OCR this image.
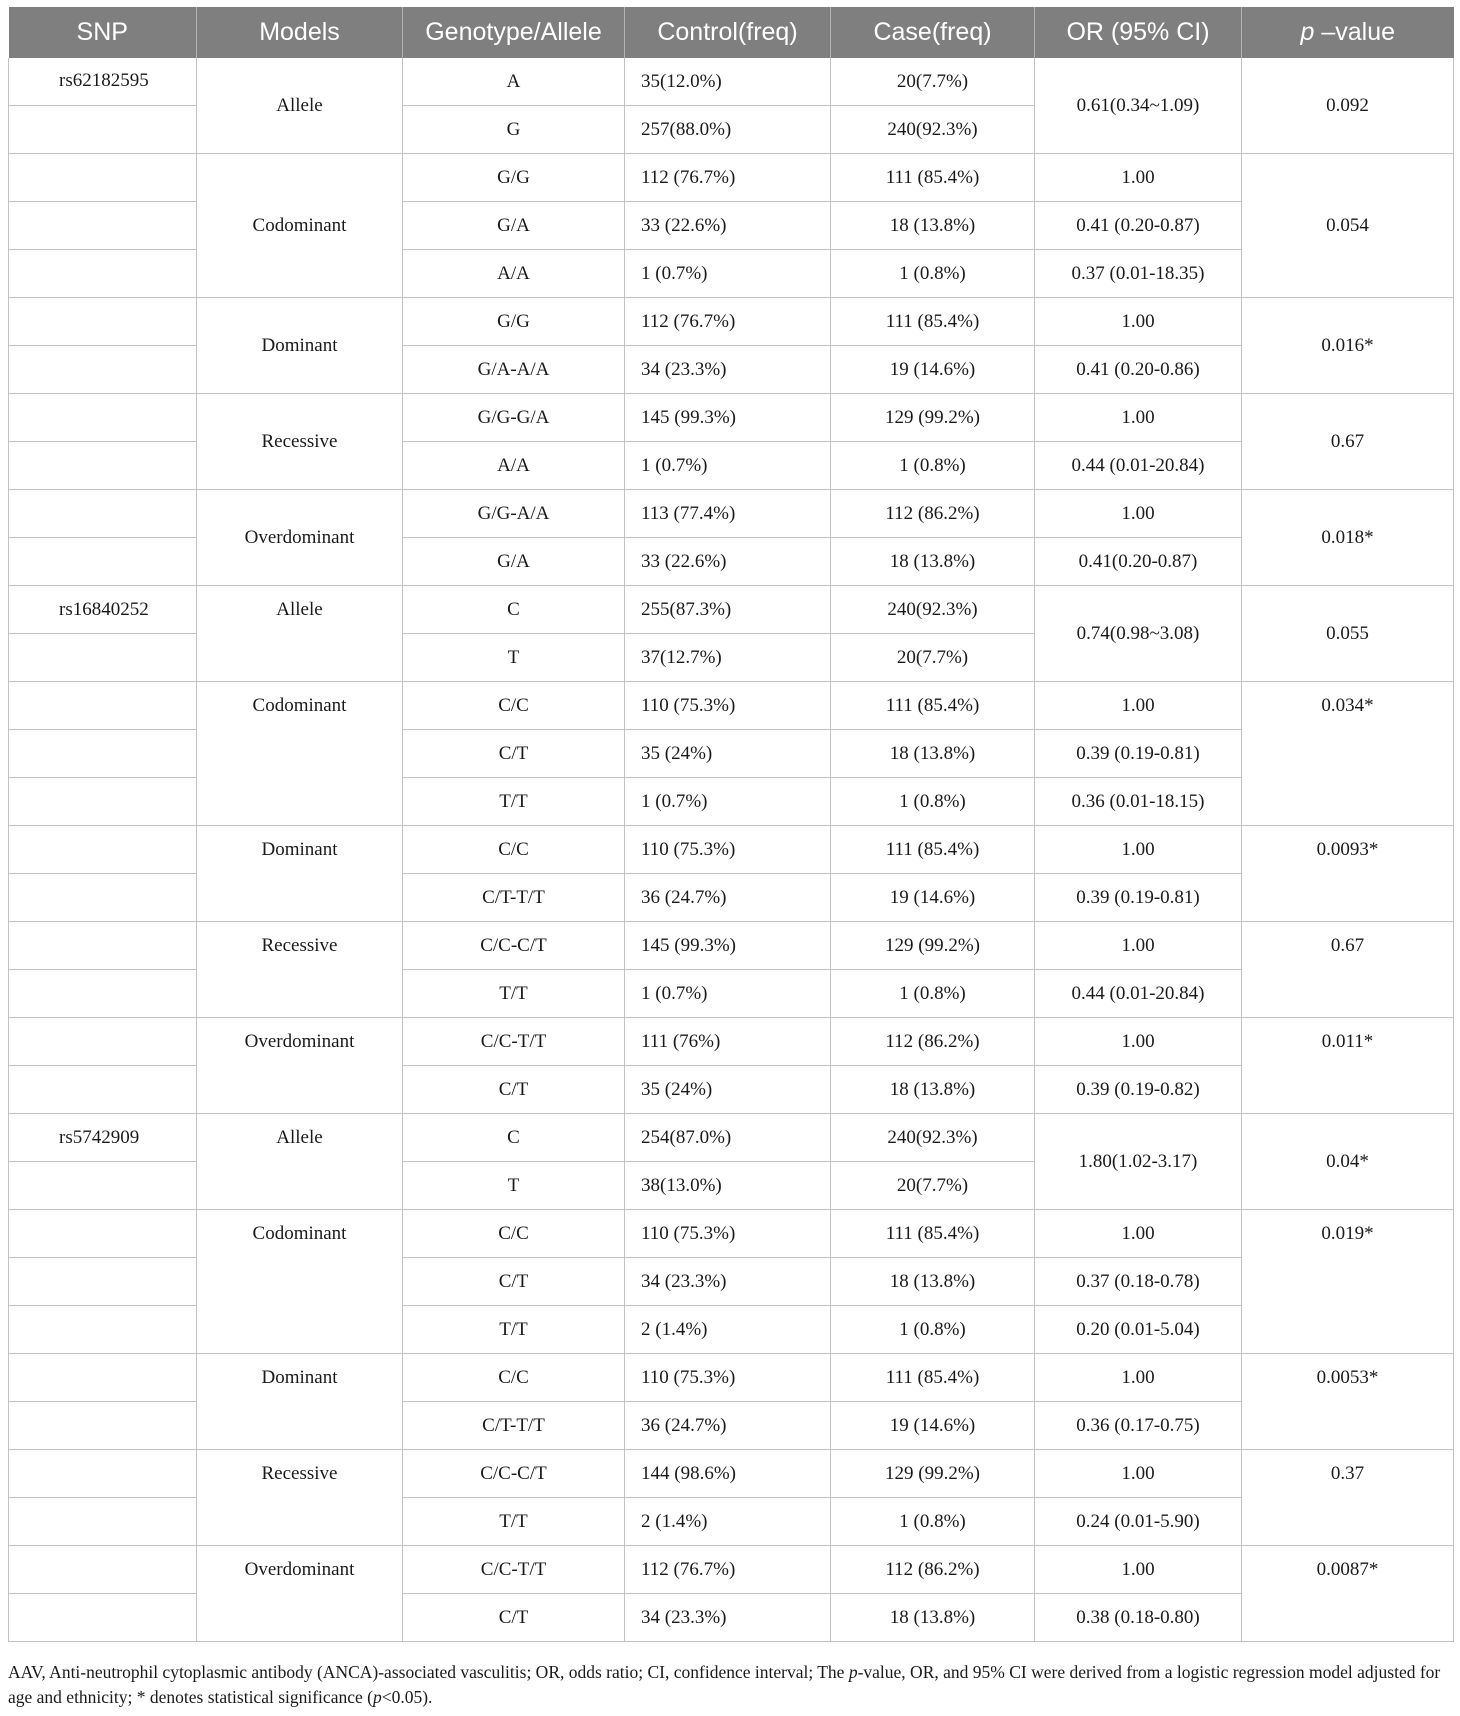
SNP	Models	Genotype/Allele	Control(freq)	Case(freq)	OR (95% CI)	p –value
rs62182595	Allele	A	35(12.0%)	20(7.7%)	0.61(0.34~1.09)	0.092
		G	257(88.0%)	240(92.3%)		
	Codominant	G/G	112 (76.7%)	111 (85.4%)	1.00	0.054
		G/A	33 (22.6%)	18 (13.8%)	0.41 (0.20-0.87)	
		A/A	1 (0.7%)	1 (0.8%)	0.37 (0.01-18.35)	
	Dominant	G/G	112 (76.7%)	111 (85.4%)	1.00	0.016*
		G/A-A/A	34 (23.3%)	19 (14.6%)	0.41 (0.20-0.86)	
	Recessive	G/G-G/A	145 (99.3%)	129 (99.2%)	1.00	0.67
		A/A	1 (0.7%)	1 (0.8%)	0.44 (0.01-20.84)	
	Overdominant	G/G-A/A	113 (77.4%)	112 (86.2%)	1.00	0.018*
		G/A	33 (22.6%)	18 (13.8%)	0.41(0.20-0.87)	
rs16840252	Allele	C	255(87.3%)	240(92.3%)	0.74(0.98~3.08)	0.055
		T	37(12.7%)	20(7.7%)		
	Codominant	C/C	110 (75.3%)	111 (85.4%)	1.00	0.034*
		C/T	35 (24%)	18 (13.8%)	0.39 (0.19-0.81)	
		T/T	1 (0.7%)	1 (0.8%)	0.36 (0.01-18.15)	
	Dominant	C/C	110 (75.3%)	111 (85.4%)	1.00	0.0093*
		C/T-T/T	36 (24.7%)	19 (14.6%)	0.39 (0.19-0.81)	
	Recessive	C/C-C/T	145 (99.3%)	129 (99.2%)	1.00	0.67
		T/T	1 (0.7%)	1 (0.8%)	0.44 (0.01-20.84)	
	Overdominant	C/C-T/T	111 (76%)	112 (86.2%)	1.00	0.011*
		C/T	35 (24%)	18 (13.8%)	0.39 (0.19-0.82)	
rs5742909	Allele	C	254(87.0%)	240(92.3%)	1.80(1.02-3.17)	0.04*
		T	38(13.0%)	20(7.7%)		
	Codominant	C/C	110 (75.3%)	111 (85.4%)	1.00	0.019*
		C/T	34 (23.3%)	18 (13.8%)	0.37 (0.18-0.78)	
		T/T	2 (1.4%)	1 (0.8%)	0.20 (0.01-5.04)	
	Dominant	C/C	110 (75.3%)	111 (85.4%)	1.00	0.0053*
		C/T-T/T	36 (24.7%)	19 (14.6%)	0.36 (0.17-0.75)	
	Recessive	C/C-C/T	144 (98.6%)	129 (99.2%)	1.00	0.37
		T/T	2 (1.4%)	1 (0.8%)	0.24 (0.01-5.90)	
	Overdominant	C/C-T/T	112 (76.7%)	112 (86.2%)	1.00	0.0087*
		C/T	34 (23.3%)	18 (13.8%)	0.38 (0.18-0.80)	
AAV, Anti-neutrophil cytoplasmic antibody (ANCA)-associated vasculitis; OR, odds ratio; CI, confidence interval; The p-value, OR, and 95% CI were derived from a logistic regression model adjusted for age and ethnicity; * denotes statistical significance (p<0.05).
